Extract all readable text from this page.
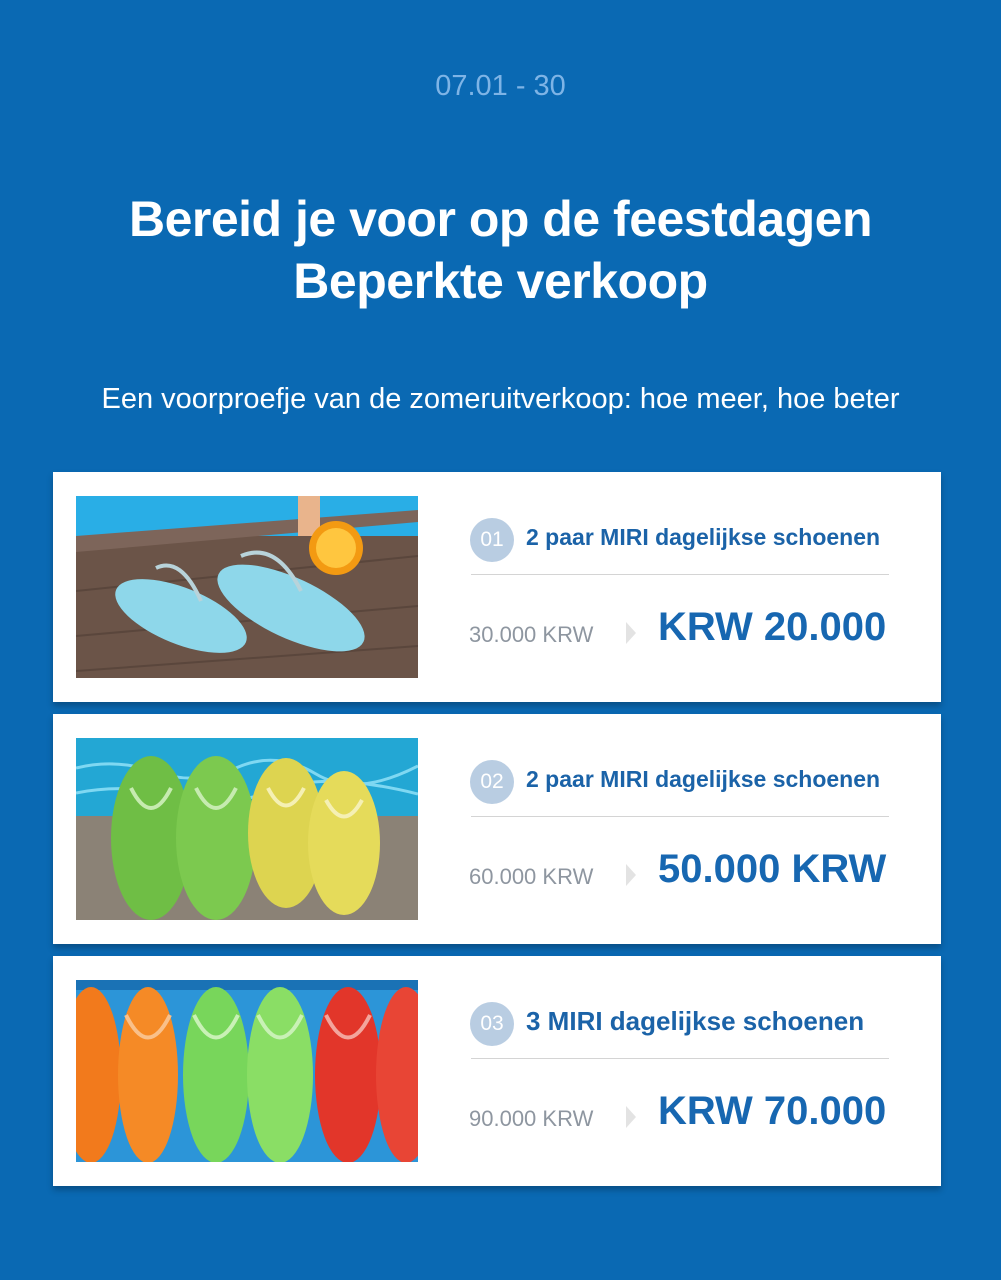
07.01 - 30
Bereid je voor op de feestdagen
Beperkte verkoop
Een voorproefje van de zomeruitverkoop: hoe meer, hoe beter
01 2 paar MIRI dagelijkse schoenen
30.000 KRW KRW 20.000
02 2 paar MIRI dagelijkse schoenen
60.000 KRW 50.000 KRW
03 3 MIRI dagelijkse schoenen
90.000 KRW KRW 70.000
